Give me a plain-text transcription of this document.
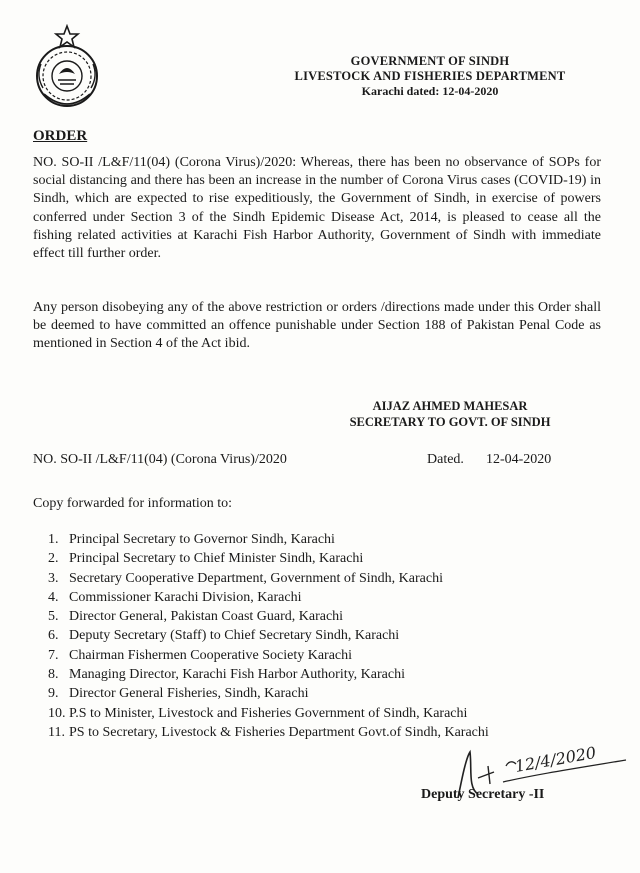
GOVERNMENT OF SINDH
LIVESTOCK AND FISHERIES DEPARTMENT
Karachi dated: 12-04-2020
ORDER
NO. SO-II /L&F/11(04) (Corona Virus)/2020: Whereas, there has been no observance of SOPs for social distancing and there has been an increase in the number of Corona Virus cases (COVID-19) in Sindh, which are expected to rise expeditiously, the Government of Sindh, in exercise of powers conferred under Section 3 of the Sindh Epidemic Disease Act, 2014, is pleased to cease all the fishing related activities at Karachi Fish Harbor Authority, Government of Sindh with immediate effect till further order.
Any person disobeying any of the above restriction or orders /directions made under this Order shall be deemed to have committed an offence punishable under Section 188 of Pakistan Penal Code as mentioned in Section 4 of the Act ibid.
AIJAZ AHMED MAHESAR
SECRETARY TO GOVT. OF SINDH
NO. SO-II /L&F/11(04) (Corona Virus)/2020	Dated. 12-04-2020
Copy forwarded for information to:
1. Principal Secretary to Governor Sindh, Karachi
2. Principal Secretary to Chief Minister Sindh, Karachi
3. Secretary Cooperative Department, Government of Sindh, Karachi
4. Commissioner Karachi Division, Karachi
5. Director General, Pakistan Coast Guard, Karachi
6. Deputy Secretary (Staff) to Chief Secretary Sindh, Karachi
7. Chairman Fishermen Cooperative Society Karachi
8. Managing Director, Karachi Fish Harbor Authority, Karachi
9. Director General Fisheries, Sindh, Karachi
10. P.S to Minister, Livestock and Fisheries Government of Sindh, Karachi
11. PS to Secretary, Livestock & Fisheries Department Govt.of Sindh, Karachi
12/4/2020
Deputy Secretary -II
